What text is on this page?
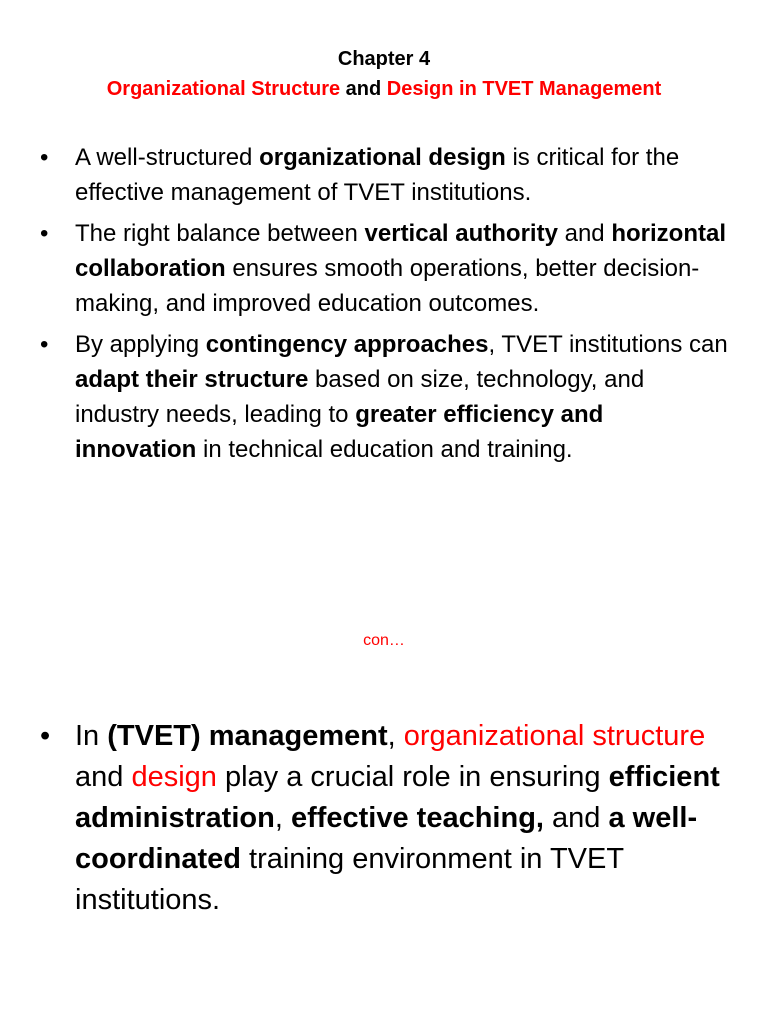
Chapter 4
Organizational Structure and Design in TVET Management
•	A well-structured organizational design is critical for the effective management of TVET institutions.
•	The right balance between vertical authority and horizontal collaboration ensures smooth operations, better decision-making, and improved education outcomes.
•	By applying contingency approaches, TVET institutions can adapt their structure based on size, technology, and industry needs, leading to greater efficiency and innovation in technical education and training.
con…
• In (TVET) management, organizational structure and design play a crucial role in ensuring efficient administration, effective teaching, and a well-coordinated training environment in TVET institutions.
